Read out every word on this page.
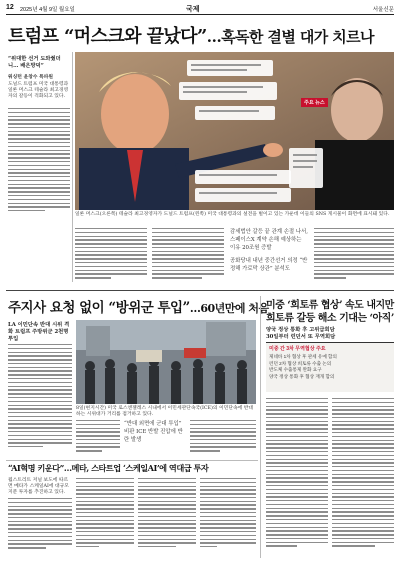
12 2025년 4월 9일 월요일	국제	서울신문
트럼프 “머스크와 끝났다”…혹독한 결별 대가 치르나
“위대한 선거 도와줬더니… 배은망덕”
워싱턴 윤창수 특파원
도널드 트럼프 미국 대통령과 일론 머스크 테슬라 최고경영자의 갈등이 격화되고 있다.
주요 뉴스
일론 머스크(오른쪽) 테슬라 최고경영자가 도널드 트럼프(왼쪽) 미국 대통령과의 설전을 벌이고 있는 가운데 이들의 SNS 게시물이 화면에 표시돼 있다.
감세법안 갈등 끝 관계 손절 나서, 스페이스X 계약 손해 예상하는 이유 20조원 증발
공화당내 내년 중간선거 의정 “반정해 가로막 상관” 분석도
주지사 요청 없이 “방위군 투입”…60년만에 처음
LA 이민단속 반대 시위 격화 트럼프 주방위군 2천명 투입
8일(현지시간) 미국 로스앤젤레스 시내에서 이민세관단속국(ICE)의 이민단속에 반대하는 시위대가 거리를 점거하고 있다.
“반대 외면에 군대 투입” 비판 ICE 반발 진압에 반란 발생
미중 ‘희토류 협상’ 속도 내지만
희토류 갈등 해소 기대는 ‘아직’
양국 정상 통화 후 고위급회담
30일부터 런던서 또 무역회담
미중 간 3차 무역협상 주요
제네바 1차 협상 후 관세 유예 합의
런던 2차 협상 희토류 수출 논의
반도체 수출통제 완화 요구
양국 정상 통화 후 협상 재개 합의
“AI혁명 키운다”…메타, 스타트업 ‘스케일AI’에 역대급 투자
월스트리트 저널 보도에 따르면 메타가 스케일AI에 대규모 지분 투자를 추진하고 있다.
